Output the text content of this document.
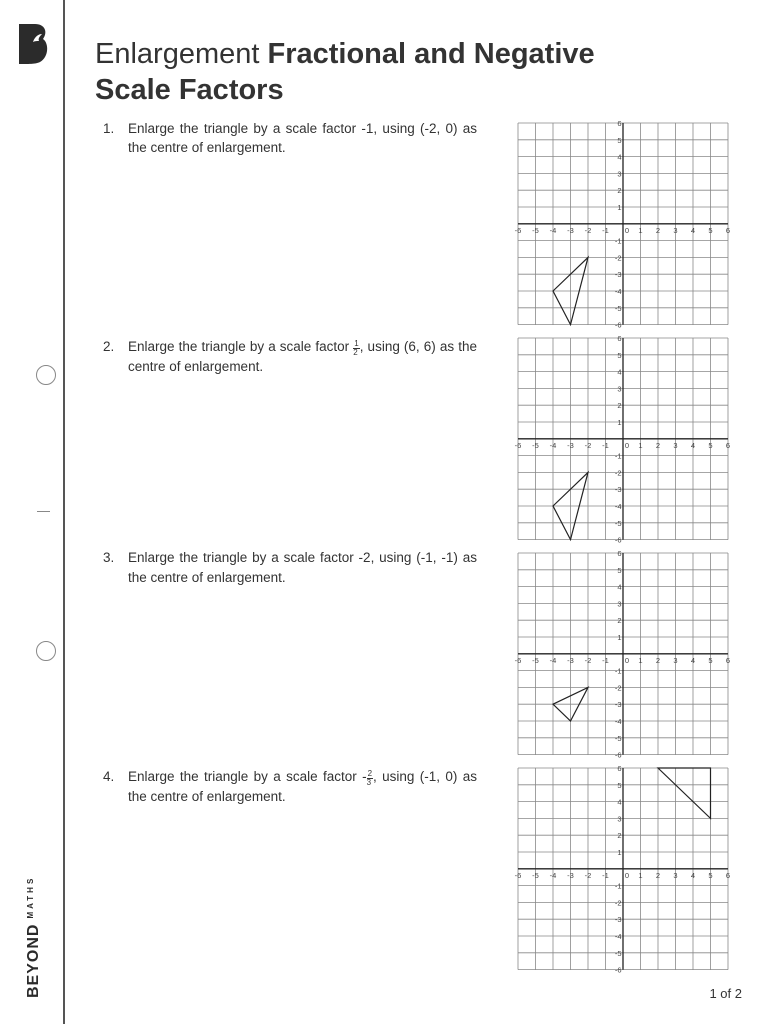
$BEYOND^{MATHS}$
Enlargement Fractional and Negative
Scale Factors
1. Enlarge the triangle by a scale factor -1, using (-2, 0) as the centre of enlargement.
2. Enlarge the triangle by a scale factor $\frac{1}{2}$ , using (6, 6) as the centre of enlargement.
3. Enlarge the triangle by a scale factor -2, using (-1, -1) as the centre of enlargement.
4. Enlarge the triangle by a scale factor - $\frac{2}{3}$ , using (-1, 0) as the centre of enlargement.
-6 -5 -4 -3 -2 -1 0 1 2 3 4 5 6
6
5
4
3
2
1
-1
-2
-3
-4
-5
-6
-6 -5 -4 -3 -2 -1 0 1 2 3 4 5 6
6
5
4
3
2
1
-1
-2
-3
-4
-5
-6
-6 -5 -4 -3 -2 -1 0 1 2 3 4 5 6
6
5
4
3
2
1
-1
-2
-3
-4
-5
-6
-6 -5 -4 -3 -2 -1 0 1 2 3 4 5 6
6
5
4
3
2
1
-1
-2
-3
-4
-5
-6
1 of 2
